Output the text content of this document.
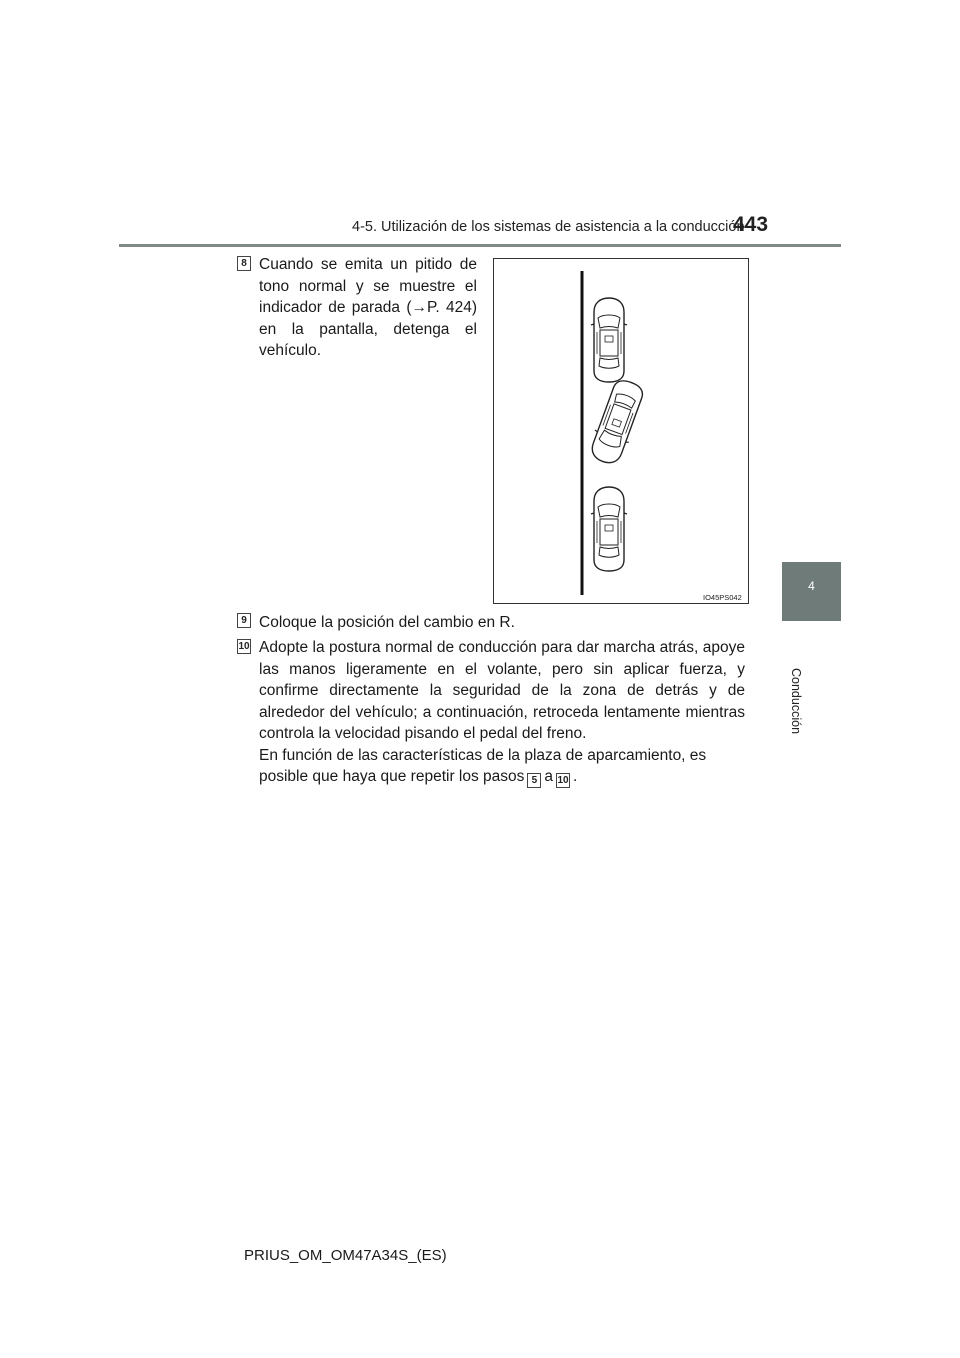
4-5. Utilización de los sistemas de asistencia a la conducción
443
4
Conducción
8 Cuando se emita un pitido de tono normal y se muestre el indicador de parada (→P. 424) en la pantalla, detenga el vehículo.
IO45PS042
9 Coloque la posición del cambio en R.
10 Adopte la postura normal de conducción para dar marcha atrás, apoye las manos ligeramente en el volante, pero sin aplicar fuerza, y confirme directamente la seguridad de la zona de detrás y de alrededor del vehículo; a continuación, retroceda lentamente mientras controla la velocidad pisando el pedal del freno.

En función de las características de la plaza de aparcamiento, es posible que haya que repetir los pasos 5 a 10 .

PRIUS_OM_OM47A34S_(ES)
